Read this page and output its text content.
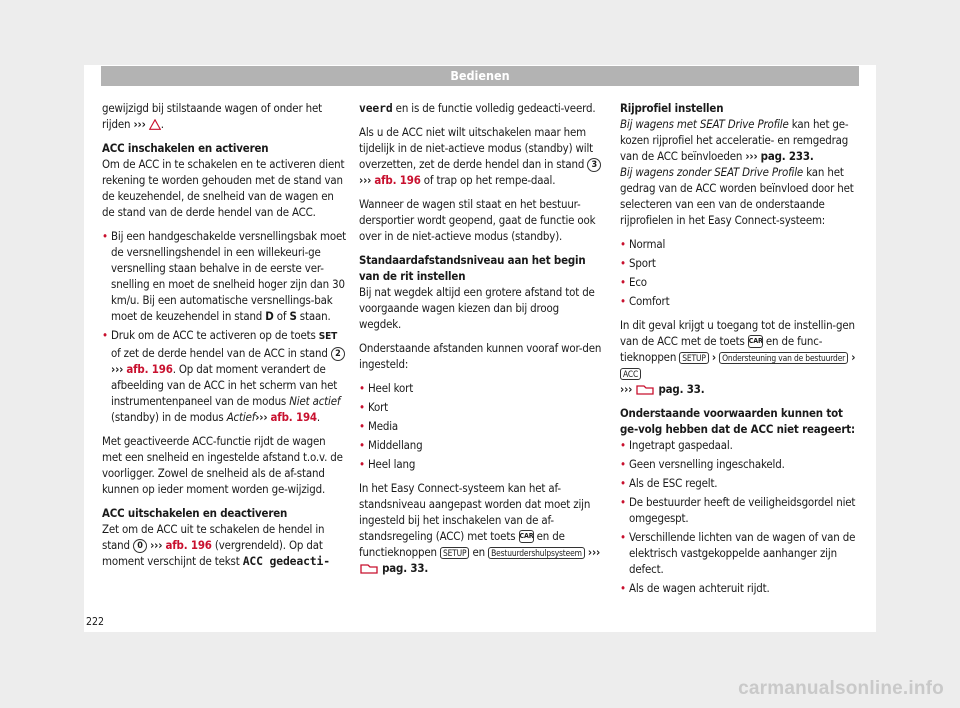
Bedienen

gewijzigd bij stilstaande wagen of onder het rijden ››› .

ACC inschakelen en activeren

Om de ACC in te schakelen en te activeren dient rekening te worden gehouden met de stand van de keuzehendel, de snelheid van de wagen en de stand van de derde hendel van de ACC.

• Bij een handgeschakelde versnellingsbak moet de versnellingshendel in een willekeuri-ge versnelling staan behalve in de eerste ver-snelling en moet de snelheid hoger zijn dan 30 km/u. Bij een automatische versnellings-bak moet de keuzehendel in stand D of S staan.
• Druk om de ACC te activeren op de toets SET of zet de derde hendel van de ACC in stand 2 ››› afb. 196. Op dat moment verandert de afbeelding van de ACC in het scherm van het instrumentenpaneel van de modus Niet actief (standby) in de modus Actief››› afb. 194.

Met geactiveerde ACC-functie rijdt de wagen met een snelheid en ingestelde afstand t.o.v. de voorligger. Zowel de snelheid als de af-stand kunnen op ieder moment worden ge-wijzigd.

ACC uitschakelen en deactiveren

Zet om de ACC uit te schakelen de hendel in stand 0 ››› afb. 196 (vergrendeld). Op dat moment verschijnt de tekst ACC gedeacti-

veerd en is de functie volledig gedeacti-veerd.

Als u de ACC niet wilt uitschakelen maar hem tijdelijk in de niet-actieve modus (standby) wilt overzetten, zet de derde hendel dan in stand 3 ››› afb. 196 of trap op het rempe-daal.

Wanneer de wagen stil staat en het bestuur-dersportier wordt geopend, gaat de functie ook over in de niet-actieve modus (standby).

Standaardafstandsniveau aan het begin van de rit instellen

Bij nat wegdek altijd een grotere afstand tot de voorgaande wagen kiezen dan bij droog wegdek.

Onderstaande afstanden kunnen vooraf wor-den ingesteld:

• Heel kort
• Kort
• Media
• Middellang
• Heel lang

In het Easy Connect-systeem kan het af-standsniveau aangepast worden dat moet zijn ingesteld bij het inschakelen van de af-standsregeling (ACC) met toets CAR en de functieknoppen SETUP en Bestuurdershulpsysteem ›››  pag. 33.

Rijprofiel instellen

Bij wagens met SEAT Drive Profile kan het ge-kozen rijprofiel het acceleratie- en remgedrag van de ACC beïnvloeden ››› pag. 233.

Bij wagens zonder SEAT Drive Profile kan het gedrag van de ACC worden beïnvloed door het selecteren van een van de onderstaande rijprofielen in het Easy Connect-systeem:

• Normal
• Sport
• Eco
• Comfort

In dit geval krijgt u toegang tot de instellin-gen van de ACC met de toets CAR en de func-tieknoppen SETUP › Ondersteuning van de bestuurder › ACC
››› pag. 33.

Onderstaande voorwaarden kunnen tot ge-volg hebben dat de ACC niet reageert:

• Ingetrapt gaspedaal.
• Geen versnelling ingeschakeld.
• Als de ESC regelt.
• De bestuurder heeft de veiligheidsgordel niet omgegespt.
• Verschillende lichten van de wagen of van de elektrisch vastgekoppelde aanhanger zijn defect.
• Als de wagen achteruit rijdt.
222
carmanualsonline.info
